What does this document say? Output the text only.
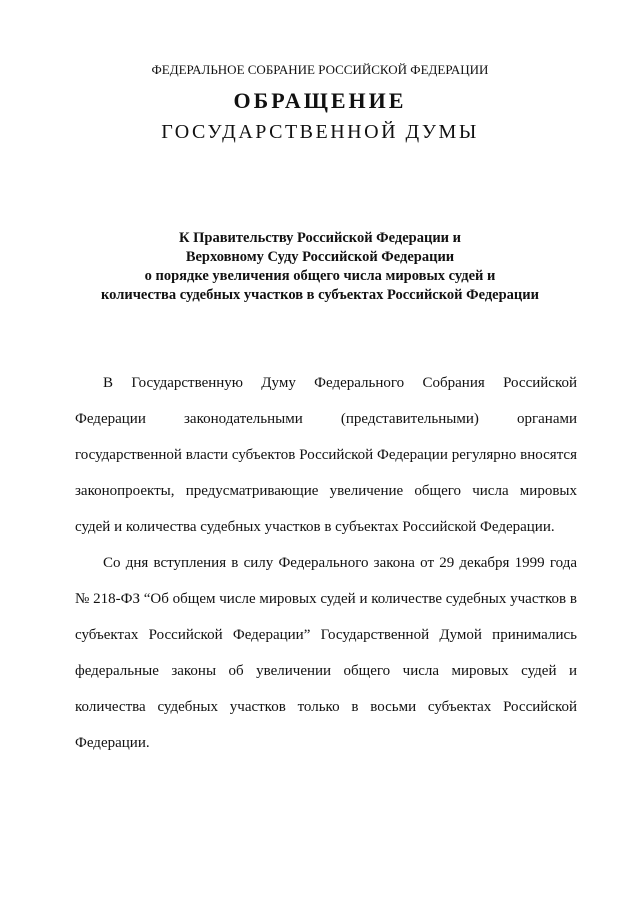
ФЕДЕРАЛЬНОЕ СОБРАНИЕ РОССИЙСКОЙ ФЕДЕРАЦИИ
ОБРАЩЕНИЕ
ГОСУДАРСТВЕННОЙ ДУМЫ
К Правительству Российской Федерации и
Верховному Суду Российской Федерации
о порядке увеличения общего числа мировых судей и
количества судебных участков в субъектах Российской Федерации

В Государственную Думу Федерального Собрания Российской Федерации законодательными (представительными) органами государственной власти субъектов Российской Федерации регулярно вносятся законопроекты, предусматривающие увеличение общего числа мировых судей и количества судебных участков в субъектах Российской Федерации.

Со дня вступления в силу Федерального закона от 29 декабря 1999 года № 218-ФЗ “Об общем числе мировых судей и количестве судебных участков в субъектах Российской Федерации” Государственной Думой принимались федеральные законы об увеличении общего числа мировых судей и количества судебных участков только в восьми субъектах Российской Федерации.
